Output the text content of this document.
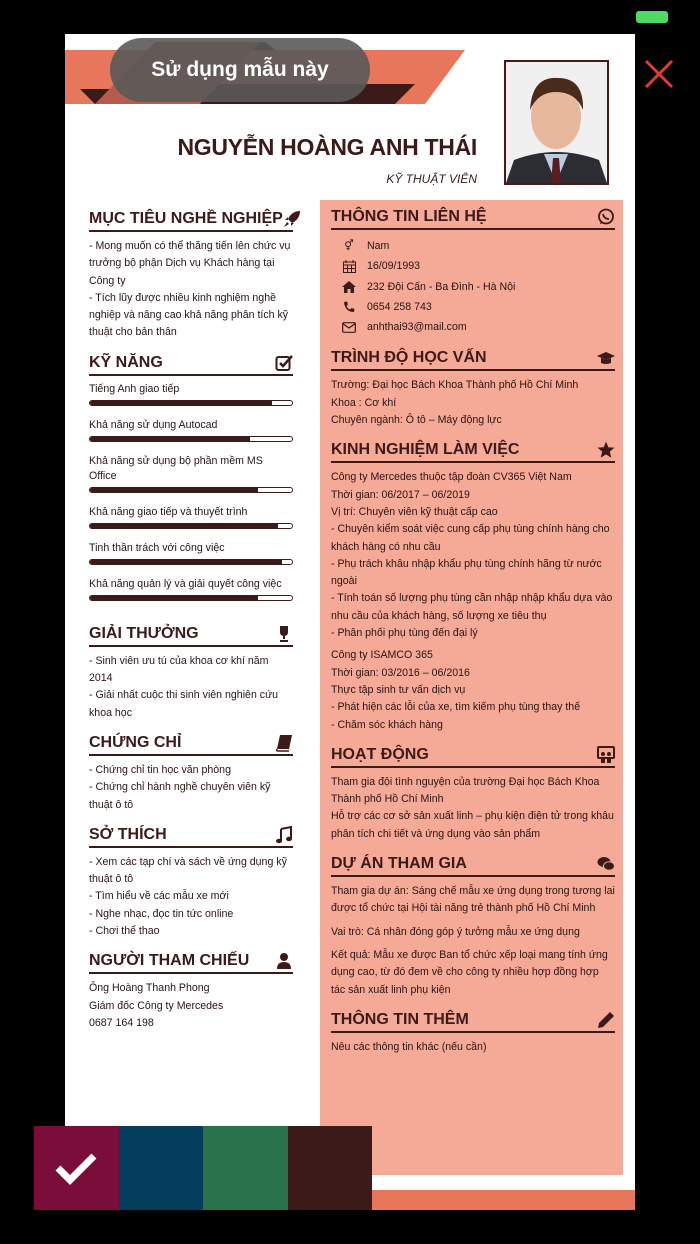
NGUYỄN HOÀNG ANH THÁI
KỸ THUẬT VIÊN
MỤC TIÊU NGHỀ NGHIỆP
- Mong muốn có thể thăng tiến lên chức vụ trưởng bộ phận Dịch vụ Khách hàng tại Công ty
- Tích lũy được nhiều kinh nghiệm nghề nghiệp và nâng cao khả năng phân tích kỹ thuật cho bản thân
KỸ NĂNG
Tiếng Anh giao tiếp
Khả năng sử dụng Autocad
Khả năng sử dụng bộ phần mềm MS Office
Khả năng giao tiếp và thuyết trình
Tinh thần trách với công việc
Khả năng quản lý và giải quyết công việc
GIẢI THƯỞNG
- Sinh viên ưu tú của khoa cơ khí năm 2014
- Giải nhất cuộc thi sinh viên nghiên cứu khoa học
CHỨNG CHỈ
- Chứng chỉ tin học văn phòng
- Chứng chỉ hành nghề chuyên viên kỹ thuật ô tô
SỞ THÍCH
- Xem các tạp chí và sách về ứng dụng kỹ thuật ô tô
- Tìm hiểu về các mẫu xe mới
- Nghe nhạc, đọc tin tức online
- Chơi thể thao
NGƯỜI THAM CHIẾU
Ông Hoàng Thanh Phong
Giám đốc Công ty Mercedes
0687 164 198
THÔNG TIN LIÊN HỆ
⚥	Nam
16/09/1993
232 Đội Cấn - Ba Đình - Hà Nội
0654 258 743
anhthai93@mail.com
TRÌNH ĐỘ HỌC VẤN
Trường: Đại học Bách Khoa Thành phố Hồ Chí Minh
Khoa : Cơ khí
Chuyên ngành: Ô tô – Máy động lực
KINH NGHIỆM LÀM VIỆC
Công ty Mercedes thuộc tập đoàn CV365 Việt Nam
Thời gian: 06/2017 – 06/2019
Vị trí: Chuyên viên kỹ thuật cấp cao
- Chuyên kiểm soát việc cung cấp phụ tùng chính hàng cho khách hàng có nhu cầu
- Phụ trách khâu nhập khẩu phụ tùng chính hãng từ nước ngoài
- Tính toán số lượng phụ tùng cần nhập nhập khẩu dựa vào nhu cầu của khách hàng, số lượng xe tiêu thụ
- Phân phối phụ tùng đến đại lý
Công ty ISAMCO 365
Thời gian: 03/2016 – 06/2016
Thực tập sinh tư vấn dịch vụ
- Phát hiện các lỗi của xe, tìm kiếm phụ tùng thay thế
- Chăm sóc khách hàng
HOẠT ĐỘNG
Tham gia đội tình nguyện của trường Đại học Bách Khoa Thành phố Hồ Chí Minh
Hỗ trợ các cơ sở sản xuất linh – phụ kiện điện tử trong khâu phân tích chi tiết và ứng dụng vào sản phẩm
DỰ ÁN THAM GIA
Tham gia dự án: Sáng chế mẫu xe ứng dụng trong tương lai được tổ chức tại Hội tài năng trẻ thành phố Hồ Chí Minh
Vai trò: Cá nhân đóng góp ý tưởng mẫu xe ứng dụng
Kết quả: Mẫu xe được Ban tổ chức xếp loại mang tính ứng dụng cao, từ đó đem về cho công ty nhiều hợp đồng hợp tác sản xuất linh phụ kiện
THÔNG TIN THÊM
Nêu các thông tin khác (nếu cần)
Sử dụng mẫu này
